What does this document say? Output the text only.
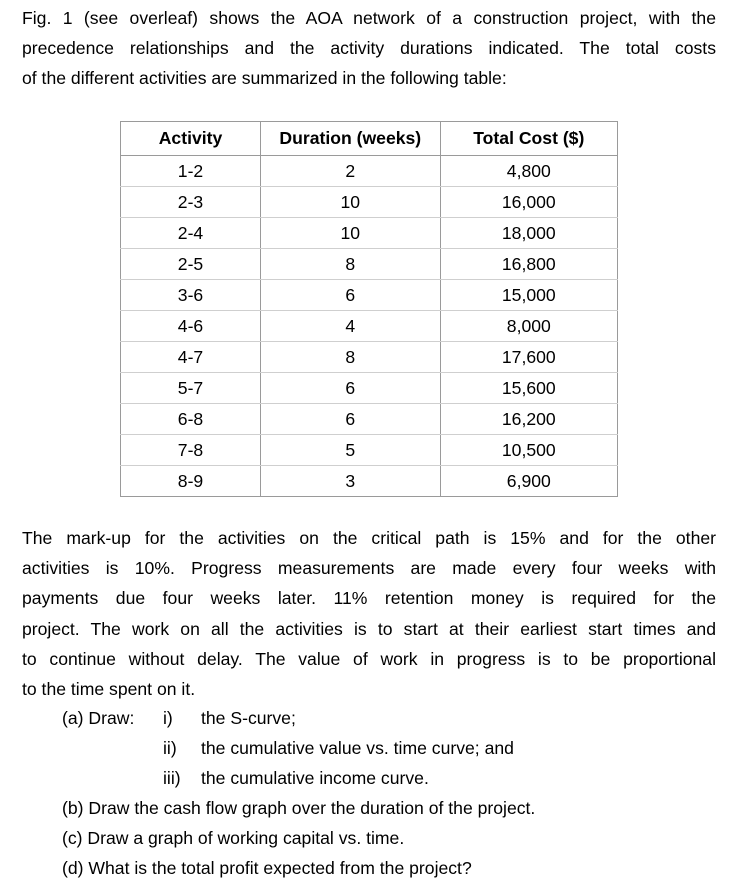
Fig. 1 (see overleaf) shows the AOA network of a construction project, with the
precedence relationships and the activity durations indicated. The total costs
of the different activities are summarized in the following table:
Activity	Duration (weeks)	Total Cost ($)
1-2	2	4,800
2-3	10	16,000
2-4	10	18,000
2-5	8	16,800
3-6	6	15,000
4-6	4	8,000
4-7	8	17,600
5-7	6	15,600
6-8	6	16,200
7-8	5	10,500
8-9	3	6,900
The mark-up for the activities on the critical path is 15% and for the other
activities is 10%. Progress measurements are made every four weeks with
payments due four weeks later. 11% retention money is required for the
project. The work on all the activities is to start at their earliest start times and
to continue without delay. The value of work in progress is to be proportional
to the time spent on it.
(a) Draw: i) the S-curve;
ii) the cumulative value vs. time curve; and
iii) the cumulative income curve.
(b) Draw the cash flow graph over the duration of the project.
(c) Draw a graph of working capital vs. time.
(d) What is the total profit expected from the project?
